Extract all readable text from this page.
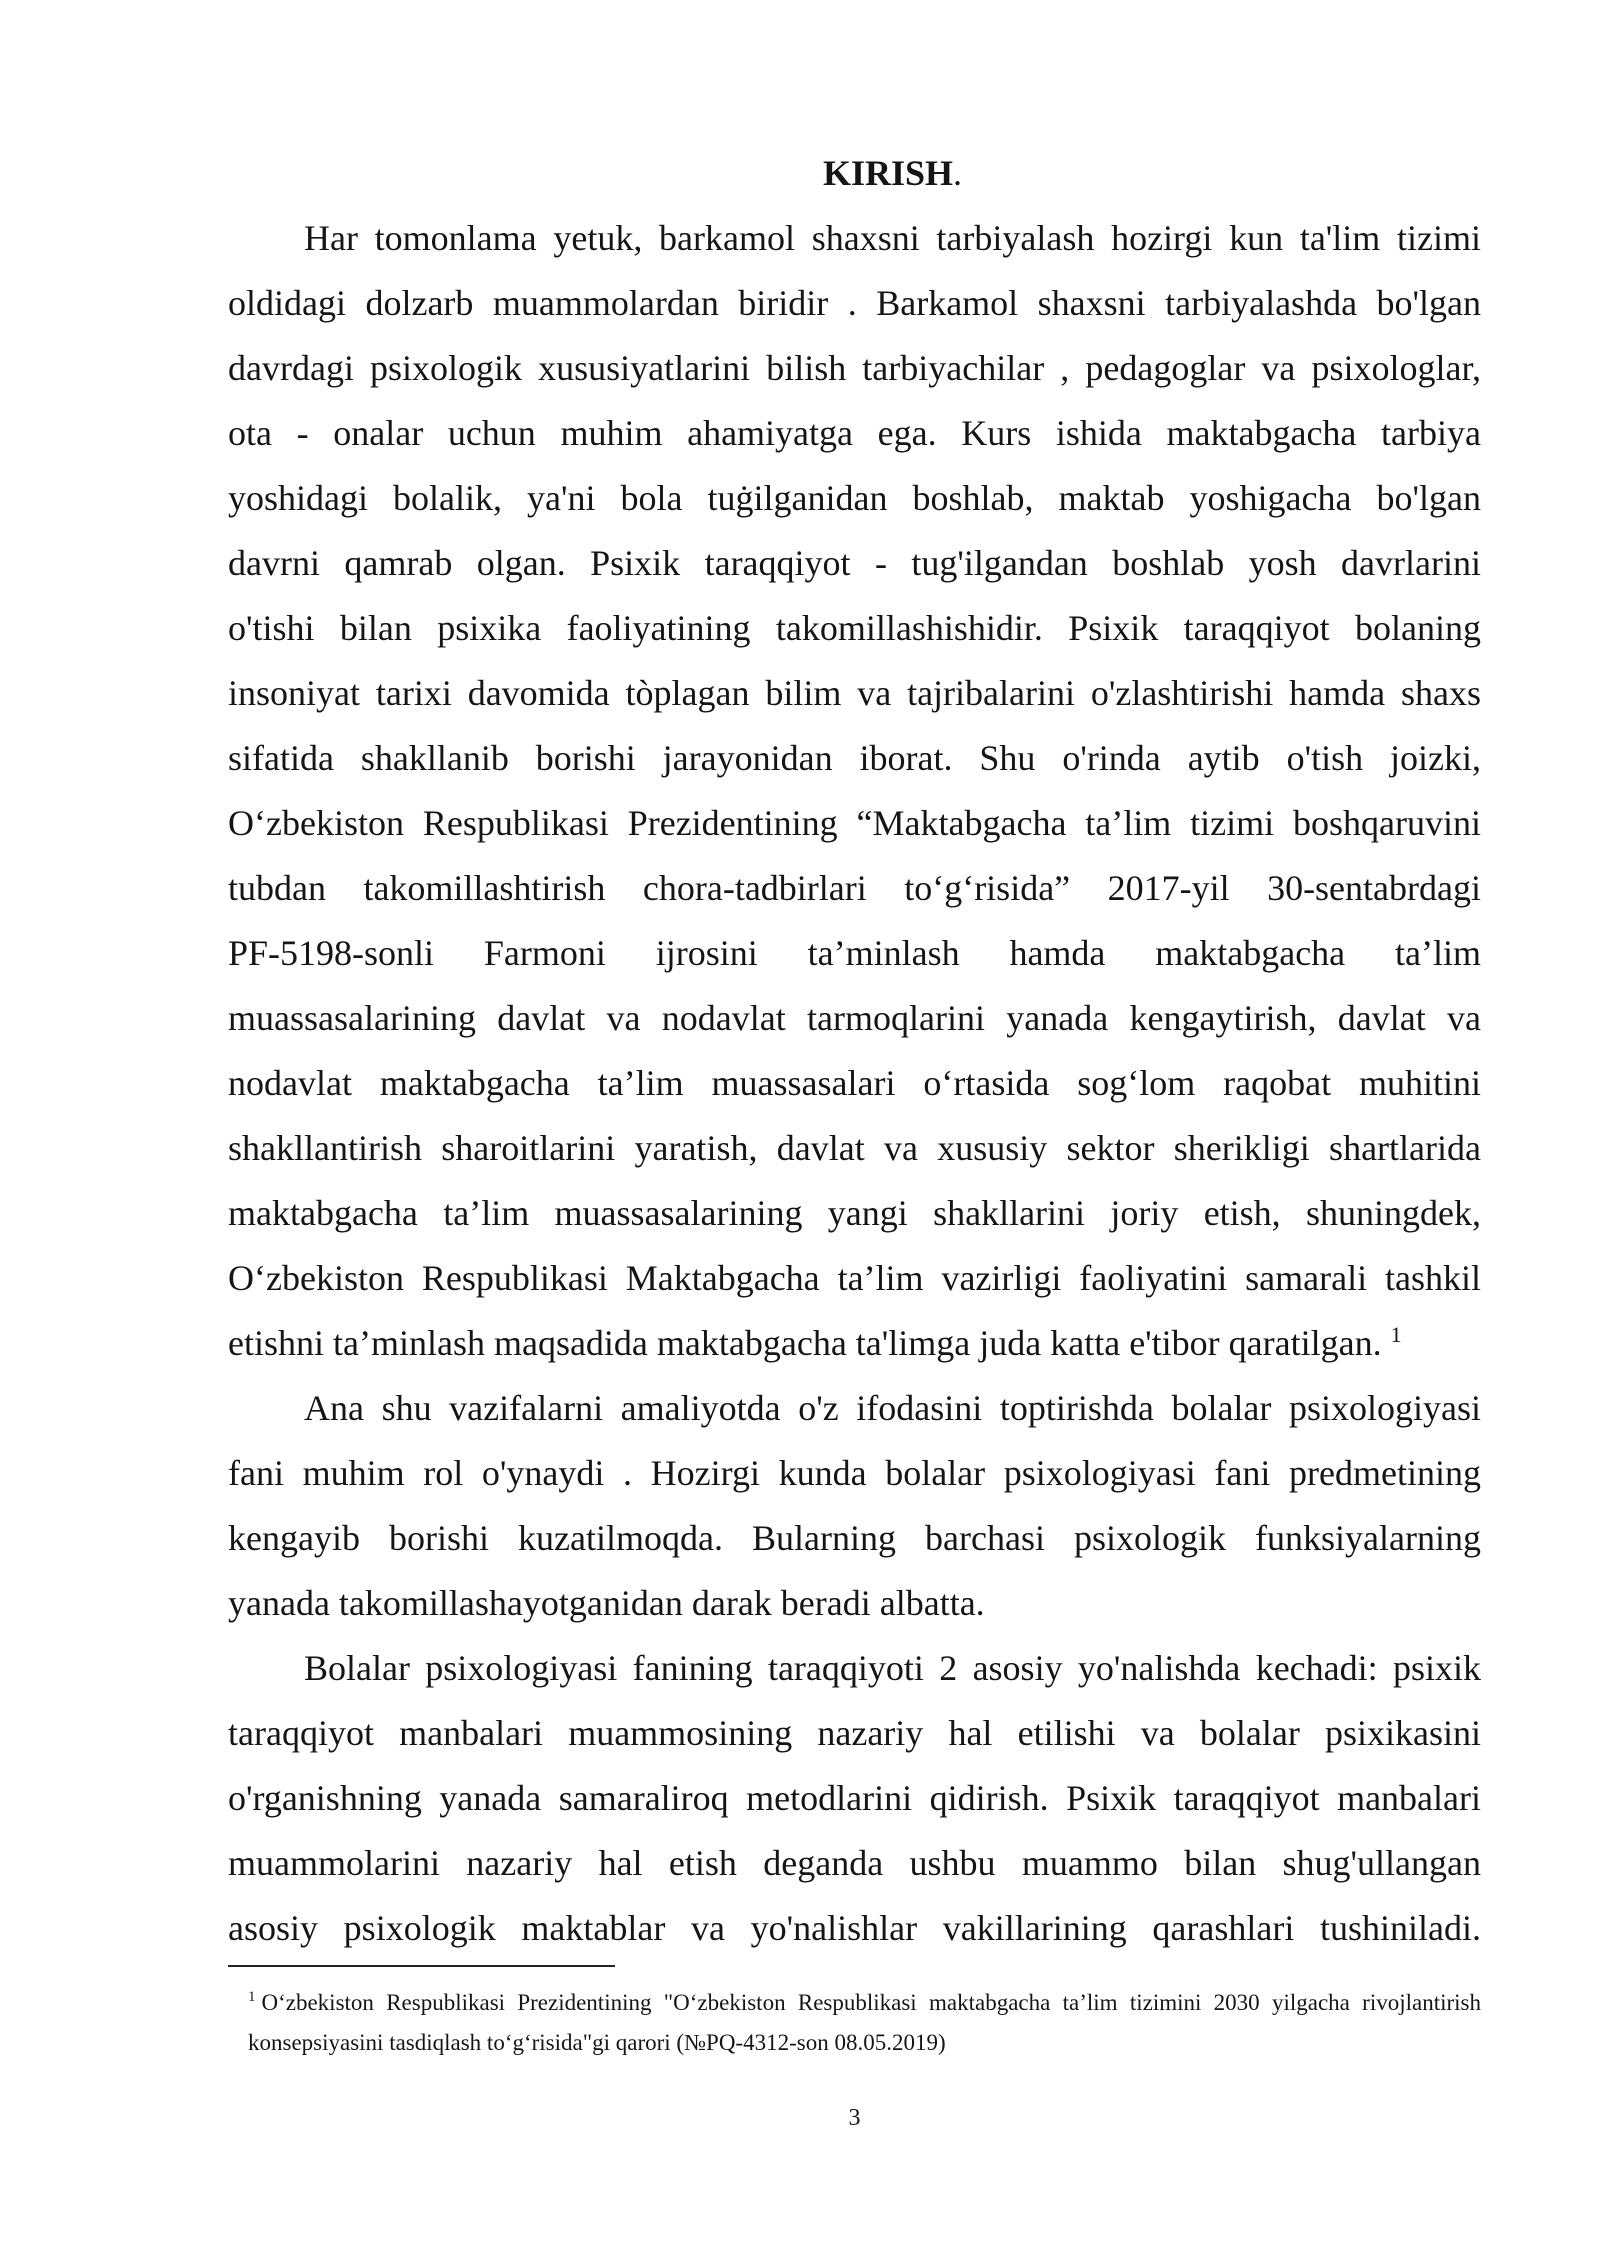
KIRISH.
Har tomonlama yetuk, barkamol shaxsni tarbiyalash hozirgi kun ta'lim tizimi
oldidagi dolzarb muammolardan biridir . Barkamol shaxsni tarbiyalashda bo'lgan
davrdagi psixologik xususiyatlarini bilish tarbiyachilar , pedagoglar va psixologlar,
ota - onalar uchun muhim ahamiyatga ega. Kurs ishida maktabgacha tarbiya
yoshidagi bolalik, ya'ni bola tuġilganidan boshlab, maktab yoshigacha bo'lgan
davrni qamrab olgan. Psixik taraqqiyot - tug'ilgandan boshlab yosh davrlarini
o'tishi bilan psixika faoliyatining takomillashishidir. Psixik taraqqiyot bolaning
insoniyat tarixi davomida tòplagan bilim va tajribalarini o'zlashtirishi hamda shaxs
sifatida shakllanib borishi jarayonidan iborat. Shu o'rinda aytib o'tish joizki,
O‘zbekiston Respublikasi Prezidentining “Maktabgacha ta’lim tizimi boshqaruvini
tubdan takomillashtirish chora-tadbirlari to‘g‘risida” 2017-yil 30-sentabrdagi
PF-5198-sonli Farmoni ijrosini ta’minlash hamda maktabgacha ta’lim
muassasalarining davlat va nodavlat tarmoqlarini yanada kengaytirish, davlat va
nodavlat maktabgacha ta’lim muassasalari o‘rtasida sog‘lom raqobat muhitini
shakllantirish sharoitlarini yaratish, davlat va xususiy sektor sherikligi shartlarida
maktabgacha ta’lim muassasalarining yangi shakllarini joriy etish, shuningdek,
O‘zbekiston Respublikasi Maktabgacha ta’lim vazirligi faoliyatini samarali tashkil
etishni ta’minlash maqsadida maktabgacha ta'limga juda katta e'tibor qaratilgan. $^1$
Ana shu vazifalarni amaliyotda o'z ifodasini toptirishda bolalar psixologiyasi
fani muhim rol o'ynaydi . Hozirgi kunda bolalar psixologiyasi fani predmetining
kengayib borishi kuzatilmoqda. Bularning barchasi psixologik funksiyalarning
yanada takomillashayotganidan darak beradi albatta.
Bolalar psixologiyasi fanining taraqqiyoti 2 asosiy yo'nalishda kechadi: psixik
taraqqiyot manbalari muammosining nazariy hal etilishi va bolalar psixikasini
o'rganishning yanada samaraliroq metodlarini qidirish. Psixik taraqqiyot manbalari
muammolarini nazariy hal etish deganda ushbu muammo bilan shug'ullangan
asosiy psixologik maktablar va yo'nalishlar vakillarining qarashlari tushiniladi.
$^1$ O‘zbekiston Respublikasi Prezidentining "O‘zbekiston Respublikasi maktabgacha ta’lim tizimini 2030 yilgacha rivojlantirish
konsepsiyasini tasdiqlash to‘g‘risida"gi qarori (№PQ-4312-son 08.05.2019)
3
